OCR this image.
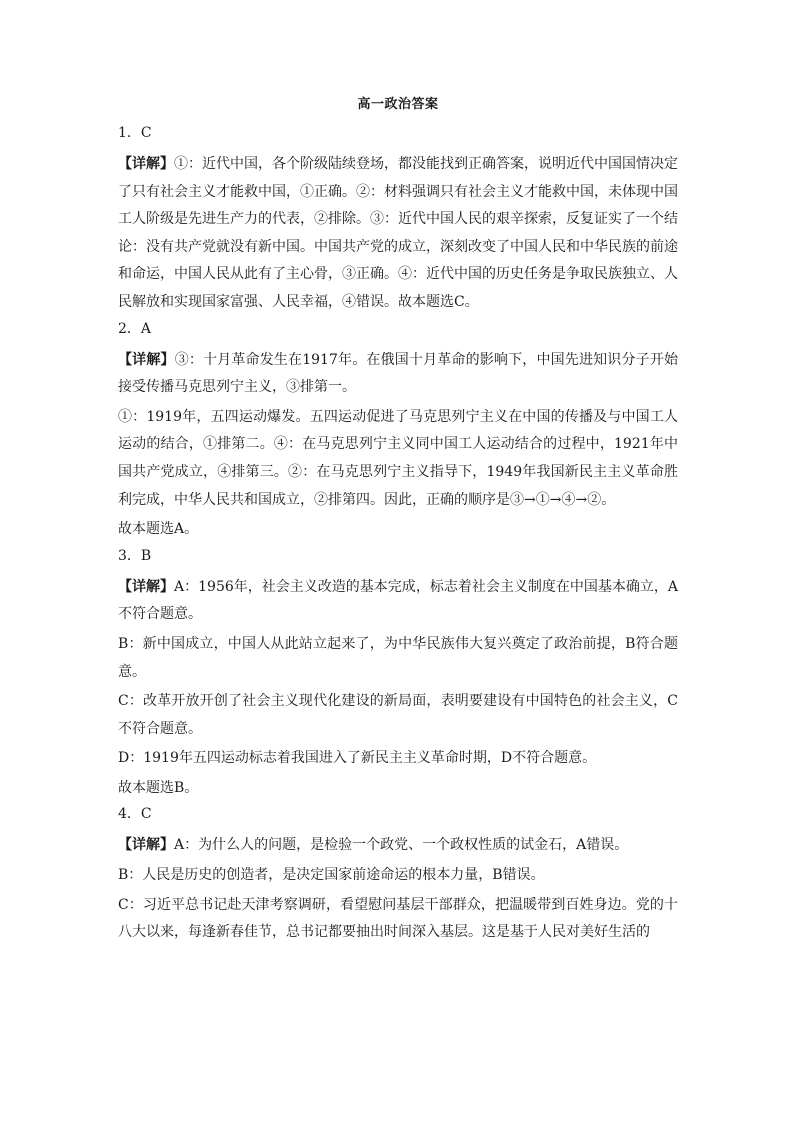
高一政治答案
1．C
【详解】①：近代中国，各个阶级陆续登场，都没能找到正确答案，说明近代中国国情决定了只有社会主义才能救中国，①正确。②：材料强调只有社会主义才能救中国，未体现中国工人阶级是先进生产力的代表，②排除。③：近代中国人民的艰辛探索，反复证实了一个结论：没有共产党就没有新中国。中国共产党的成立，深刻改变了中国人民和中华民族的前途和命运，中国人民从此有了主心骨，③正确。④：近代中国的历史任务是争取民族独立、人民解放和实现国家富强、人民幸福，④错误。故本题选C。
2．A
【详解】③：十月革命发生在1917年。在俄国十月革命的影响下，中国先进知识分子开始接受传播马克思列宁主义，③排第一。
①：1919年，五四运动爆发。五四运动促进了马克思列宁主义在中国的传播及与中国工人运动的结合，①排第二。④：在马克思列宁主义同中国工人运动结合的过程中，1921年中国共产党成立，④排第三。②：在马克思列宁主义指导下，1949年我国新民主主义革命胜利完成，中华人民共和国成立，②排第四。因此，正确的顺序是③→①→④→②。
故本题选A。
3．B
【详解】A：1956年，社会主义改造的基本完成，标志着社会主义制度在中国基本确立，A不符合题意。
B：新中国成立，中国人从此站立起来了，为中华民族伟大复兴奠定了政治前提，B符合题意。
C：改革开放开创了社会主义现代化建设的新局面，表明要建设有中国特色的社会主义，C不符合题意。
D：1919年五四运动标志着我国进入了新民主主义革命时期，D不符合题意。
故本题选B。
4．C
【详解】A：为什么人的问题，是检验一个政党、一个政权性质的试金石，A错误。
B：人民是历史的创造者，是决定国家前途命运的根本力量，B错误。
C：习近平总书记赴天津考察调研，看望慰问基层干部群众，把温暖带到百姓身边。党的十八大以来，每逢新春佳节，总书记都要抽出时间深入基层。这是基于人民对美好生活的
